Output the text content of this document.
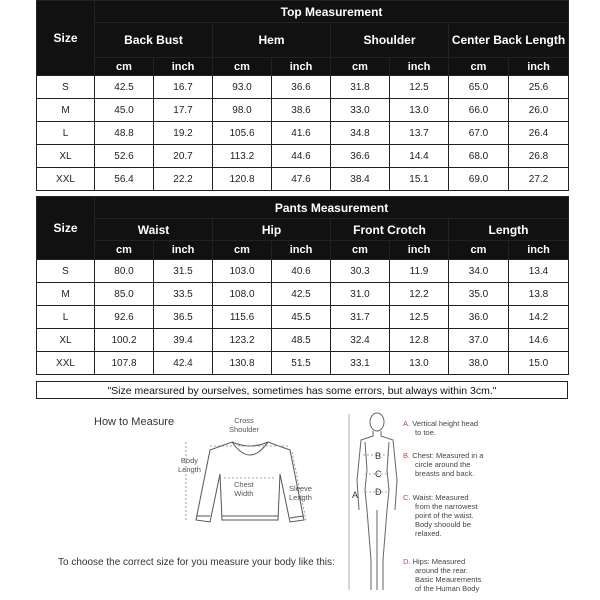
Size	Top Measurement							
	Back Bust		Hem		Shoulder		Center Back Length	
	cm	inch	cm	inch	cm	inch	cm	inch
S	42.5	16.7	93.0	36.6	31.8	12.5	65.0	25.6
M	45.0	17.7	98.0	38.6	33.0	13.0	66.0	26.0
L	48.8	19.2	105.6	41.6	34.8	13.7	67.0	26.4
XL	52.6	20.7	113.2	44.6	36.6	14.4	68.0	26.8
XXL	56.4	22.2	120.8	47.6	38.4	15.1	69.0	27.2
Size	Pants Measurement							
	Waist		Hip		Front Crotch		Length	
	cm	inch	cm	inch	cm	inch	cm	inch
S	80.0	31.5	103.0	40.6	30.3	11.9	34.0	13.4
M	85.0	33.5	108.0	42.5	31.0	12.2	35.0	13.8
L	92.6	36.5	115.6	45.5	31.7	12.5	36.0	14.2
XL	100.2	39.4	123.2	48.5	32.4	12.8	37.0	14.6
XXL	107.8	42.4	130.8	51.5	33.1	13.0	38.0	15.0
"Size mearsured by ourselves, sometimes has some errors, but always within 3cm."
How to Measure	Cross
Shoulder
Body
Length
Chest
Width
Sleeve
Length
To choose the correct size for you measure your body like this:
A
B
C
D
A. Vertical height head
to toe.
B. Chest: Measured in a
circle around the
breasts and back.
C. Waist: Measured
from the narrowest
point of the waist.
Body shoould be
relaxed.
D. Hips: Measured
around the rear.
Basic Meaurements
of the Human Body
